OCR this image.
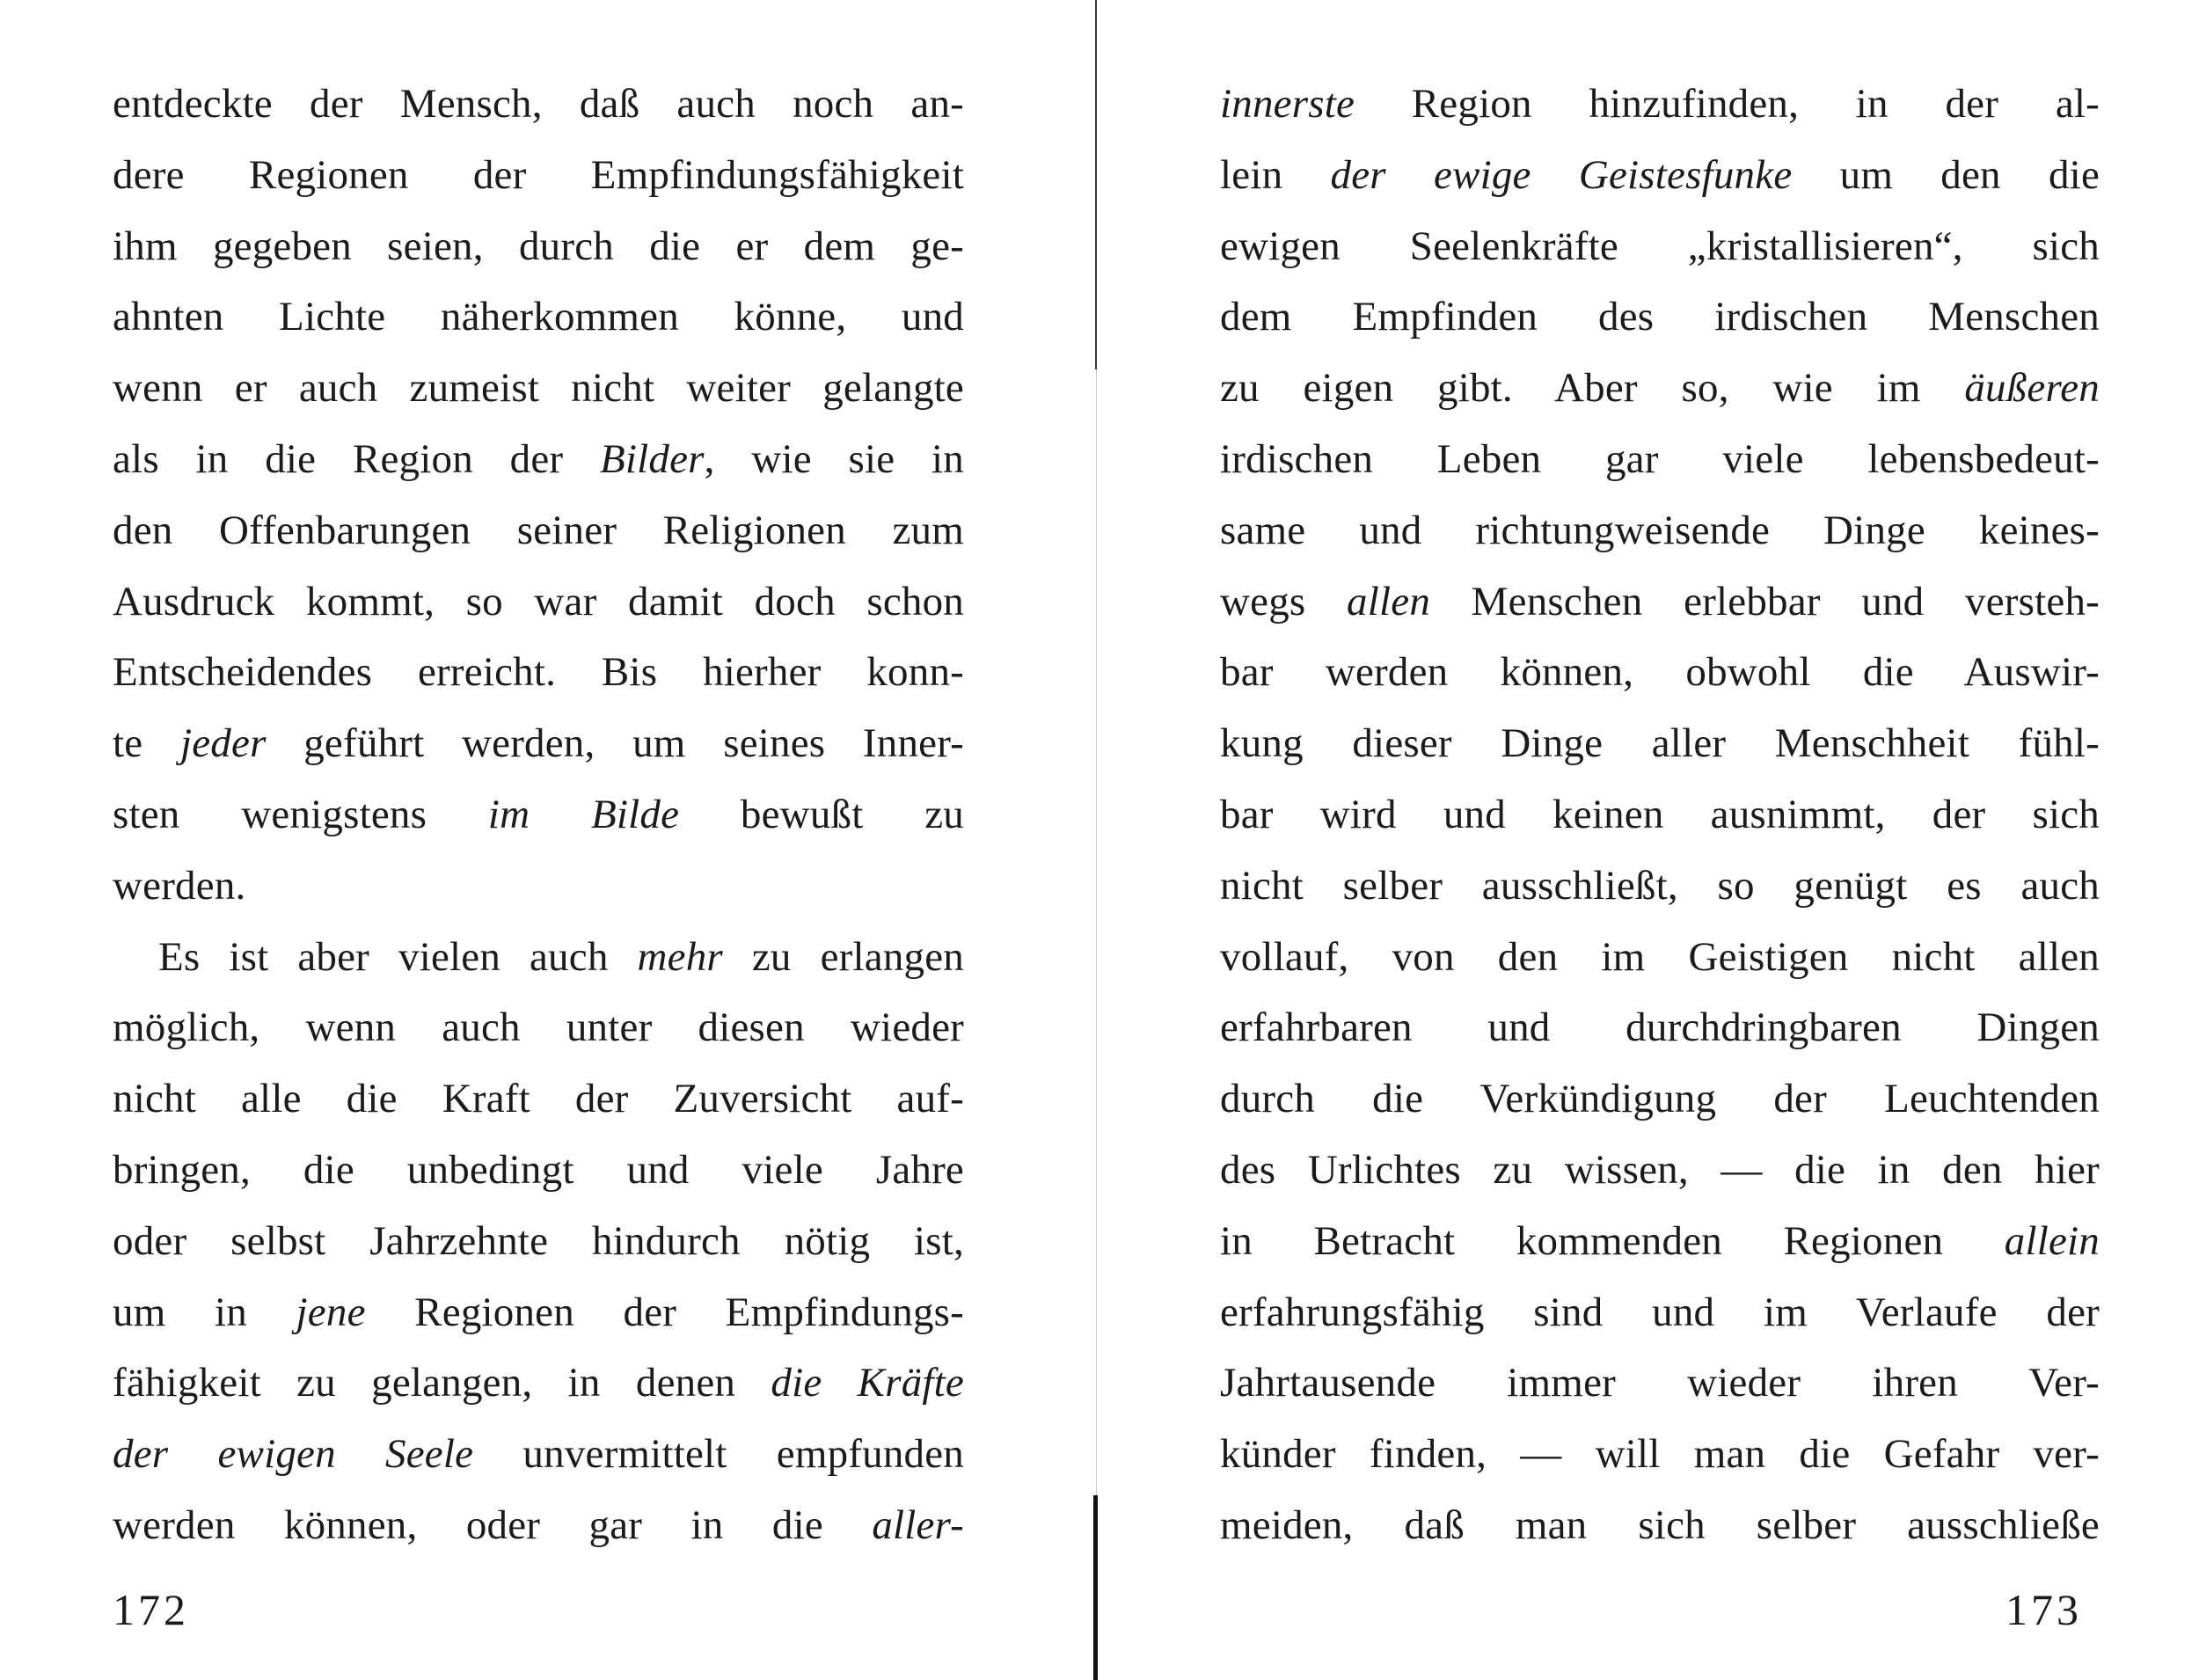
entdeckte der Mensch, daß auch noch an-
dere Regionen der Empfindungsfähigkeit
ihm gegeben seien, durch die er dem ge-
ahnten Lichte näherkommen könne, und
wenn er auch zumeist nicht weiter gelangte
als in die Region der Bilder, wie sie in
den Offenbarungen seiner Religionen zum
Ausdruck kommt, so war damit doch schon
Entscheidendes erreicht. Bis hierher konn-
te jeder geführt werden, um seines Inner-
sten wenigstens im Bilde bewußt zu
werden.
Es ist aber vielen auch mehr zu erlangen
möglich, wenn auch unter diesen wieder
nicht alle die Kraft der Zuversicht auf-
bringen, die unbedingt und viele Jahre
oder selbst Jahrzehnte hindurch nötig ist,
um in jene Regionen der Empfindungs-
fähigkeit zu gelangen, in denen die Kräfte
der ewigen Seele unvermittelt empfunden
werden können, oder gar in die aller-
172
innerste Region hinzufinden, in der al-
lein der ewige Geistesfunke um den die
ewigen Seelenkräfte „kristallisieren“, sich
dem Empfinden des irdischen Menschen
zu eigen gibt. Aber so, wie im äußeren
irdischen Leben gar viele lebensbedeut-
same und richtungweisende Dinge keines-
wegs allen Menschen erlebbar und versteh-
bar werden können, obwohl die Auswir-
kung dieser Dinge aller Menschheit fühl-
bar wird und keinen ausnimmt, der sich
nicht selber ausschließt, so genügt es auch
vollauf, von den im Geistigen nicht allen
erfahrbaren und durchdringbaren Dingen
durch die Verkündigung der Leuchtenden
des Urlichtes zu wissen, — die in den hier
in Betracht kommenden Regionen allein
erfahrungsfähig sind und im Verlaufe der
Jahrtausende immer wieder ihren Ver-
künder finden, — will man die Gefahr ver-
meiden, daß man sich selber ausschließe
173
